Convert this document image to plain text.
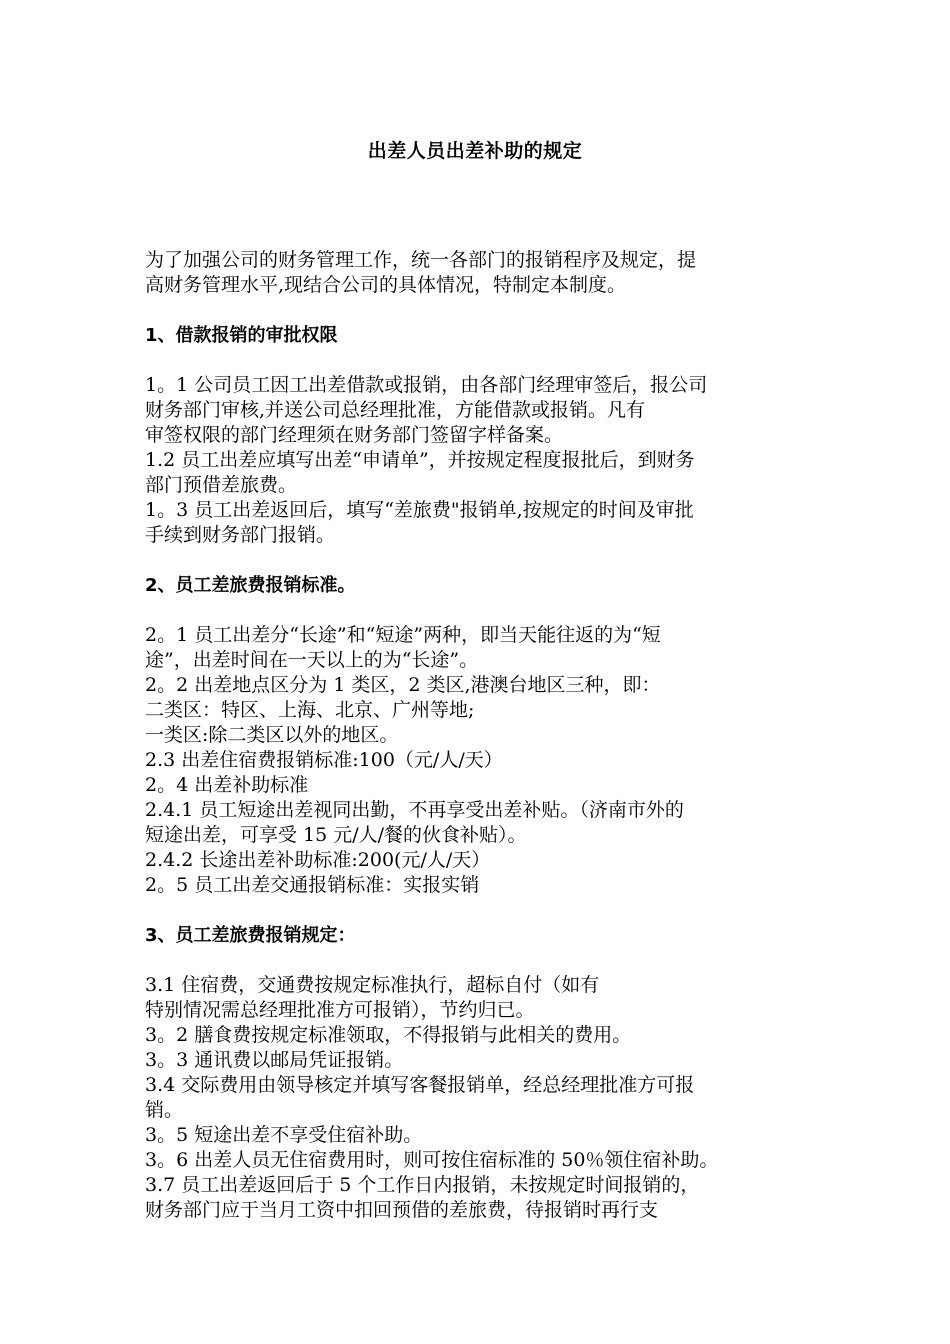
出差人员出差补助的规定
为了加强公司的财务管理工作，统一各部门的报销程序及规定，提
高财务管理水平,现结合公司的具体情况，特制定本制度。
1、借款报销的审批权限
1。1 公司员工因工出差借款或报销，由各部门经理审签后，报公司
财务部门审核,并送公司总经理批准，方能借款或报销。凡有
审签权限的部门经理须在财务部门签留字样备案。
1.2 员工出差应填写出差“申请单”，并按规定程度报批后，到财务
部门预借差旅费。
1。3 员工出差返回后，填写“差旅费"报销单,按规定的时间及审批
手续到财务部门报销。
2、员工差旅费报销标准。
2。1 员工出差分“长途”和“短途”两种，即当天能往返的为“短
途”，出差时间在一天以上的为“长途”。
2。2 出差地点区分为 1 类区，2 类区,港澳台地区三种，即：
二类区：特区、上海、北京、广州等地;
一类区:除二类区以外的地区。
2.3 出差住宿费报销标准:100（元/人/天）
2。4 出差补助标准
2.4.1 员工短途出差视同出勤，不再享受出差补贴。（济南市外的
短途出差，可享受 15 元/人/餐的伙食补贴）。
2.4.2 长途出差补助标准:200(元/人/天）
2。5 员工出差交通报销标准：实报实销
3、员工差旅费报销规定：
3.1 住宿费，交通费按规定标准执行，超标自付（如有
特别情况需总经理批准方可报销），节约归已。
3。2 膳食费按规定标准领取，不得报销与此相关的费用。
3。3 通讯费以邮局凭证报销。
3.4 交际费用由领导核定并填写客餐报销单，经总经理批准方可报
销。
3。5 短途出差不享受住宿补助。
3。6 出差人员无住宿费用时，则可按住宿标准的 50％领住宿补助。
3.7 员工出差返回后于 5 个工作日内报销，未按规定时间报销的，
财务部门应于当月工资中扣回预借的差旅费，待报销时再行支
